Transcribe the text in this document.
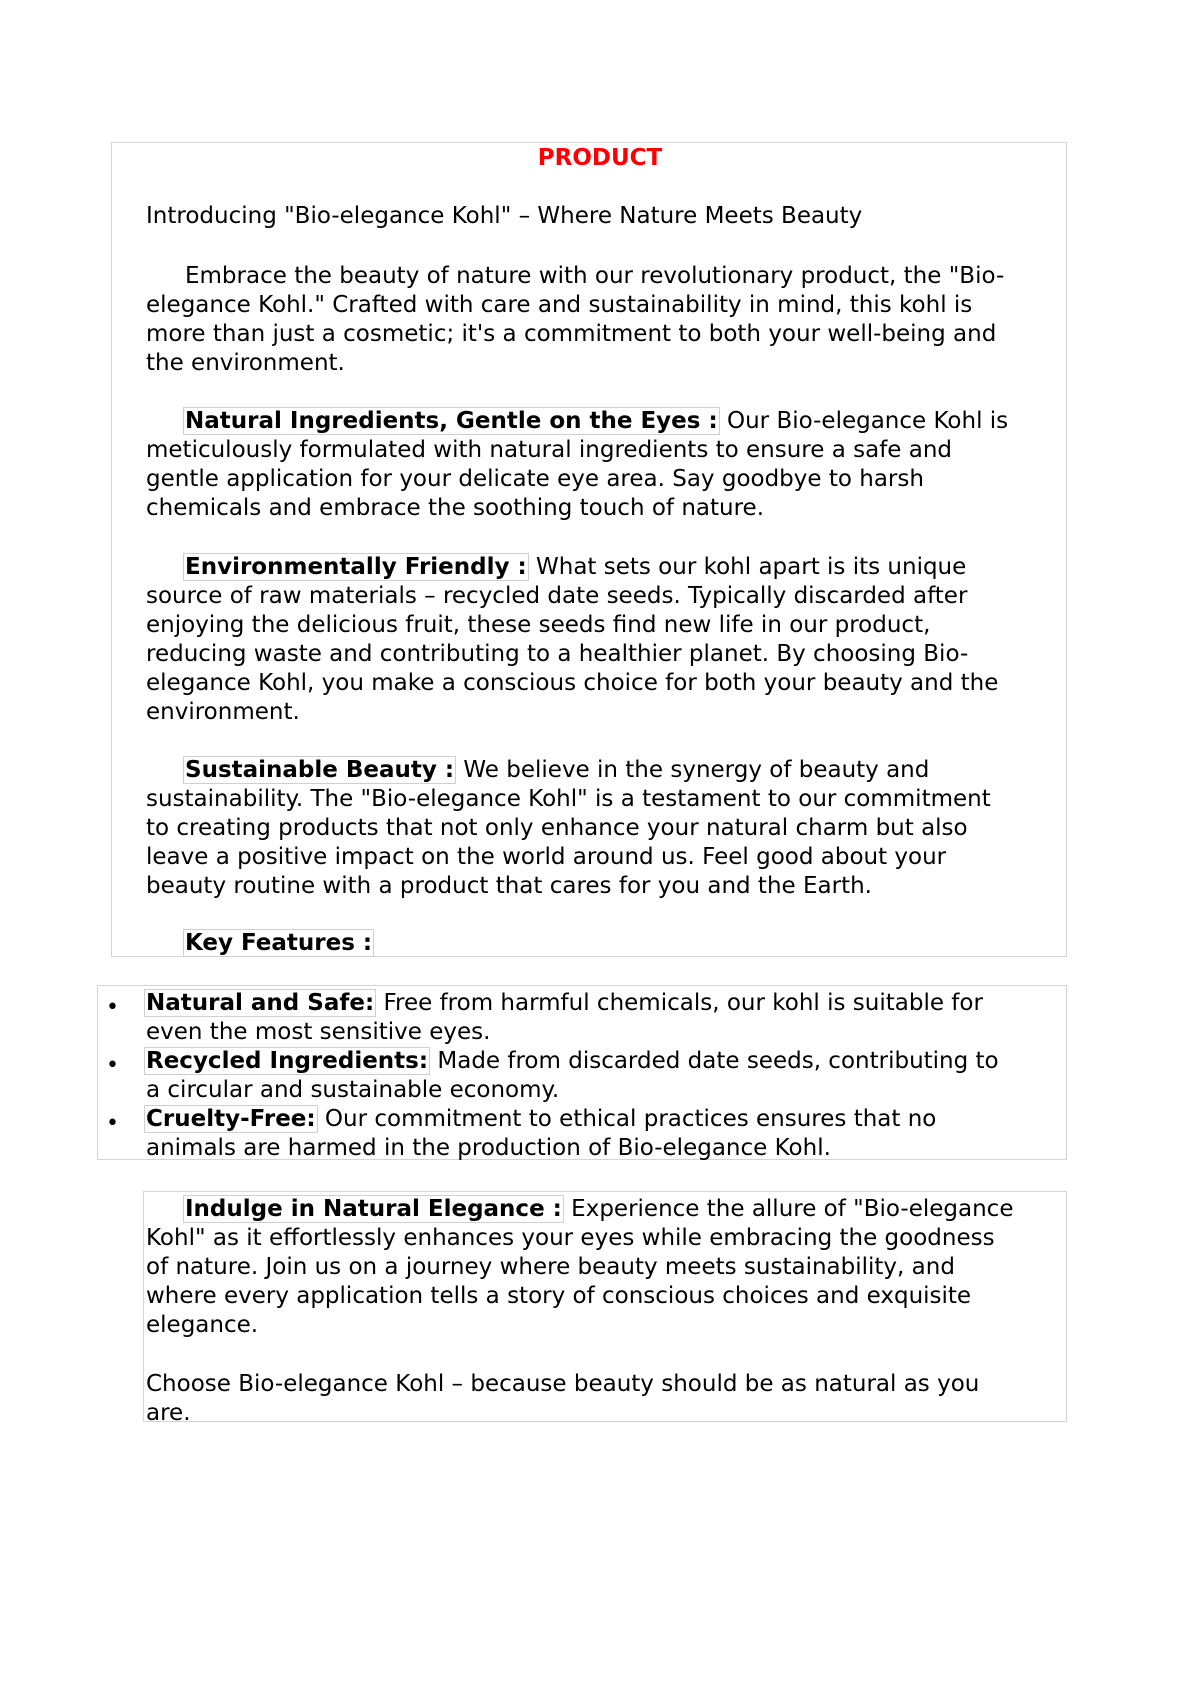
PRODUCT
Introducing "Bio-elegance Kohl" – Where Nature Meets Beauty
Embrace the beauty of nature with our revolutionary product, the "Bio-
elegance Kohl." Crafted with care and sustainability in mind, this kohl is
more than just a cosmetic; it's a commitment to both your well-being and
the environment.
Natural Ingredients, Gentle on the Eyes : Our Bio-elegance Kohl is
meticulously formulated with natural ingredients to ensure a safe and
gentle application for your delicate eye area. Say goodbye to harsh
chemicals and embrace the soothing touch of nature.
Environmentally Friendly : What sets our kohl apart is its unique
source of raw materials – recycled date seeds. Typically discarded after
enjoying the delicious fruit, these seeds find new life in our product,
reducing waste and contributing to a healthier planet. By choosing Bio-
elegance Kohl, you make a conscious choice for both your beauty and the
environment.
Sustainable Beauty : We believe in the synergy of beauty and
sustainability. The "Bio-elegance Kohl" is a testament to our commitment
to creating products that not only enhance your natural charm but also
leave a positive impact on the world around us. Feel good about your
beauty routine with a product that cares for you and the Earth.
Key Features :
• Natural and Safe: Free from harmful chemicals, our kohl is suitable for
even the most sensitive eyes.
• Recycled Ingredients: Made from discarded date seeds, contributing to
a circular and sustainable economy.
• Cruelty-Free: Our commitment to ethical practices ensures that no
animals are harmed in the production of Bio-elegance Kohl.
Indulge in Natural Elegance : Experience the allure of "Bio-elegance
Kohl" as it effortlessly enhances your eyes while embracing the goodness
of nature. Join us on a journey where beauty meets sustainability, and
where every application tells a story of conscious choices and exquisite
elegance.
Choose Bio-elegance Kohl – because beauty should be as natural as you
are.
